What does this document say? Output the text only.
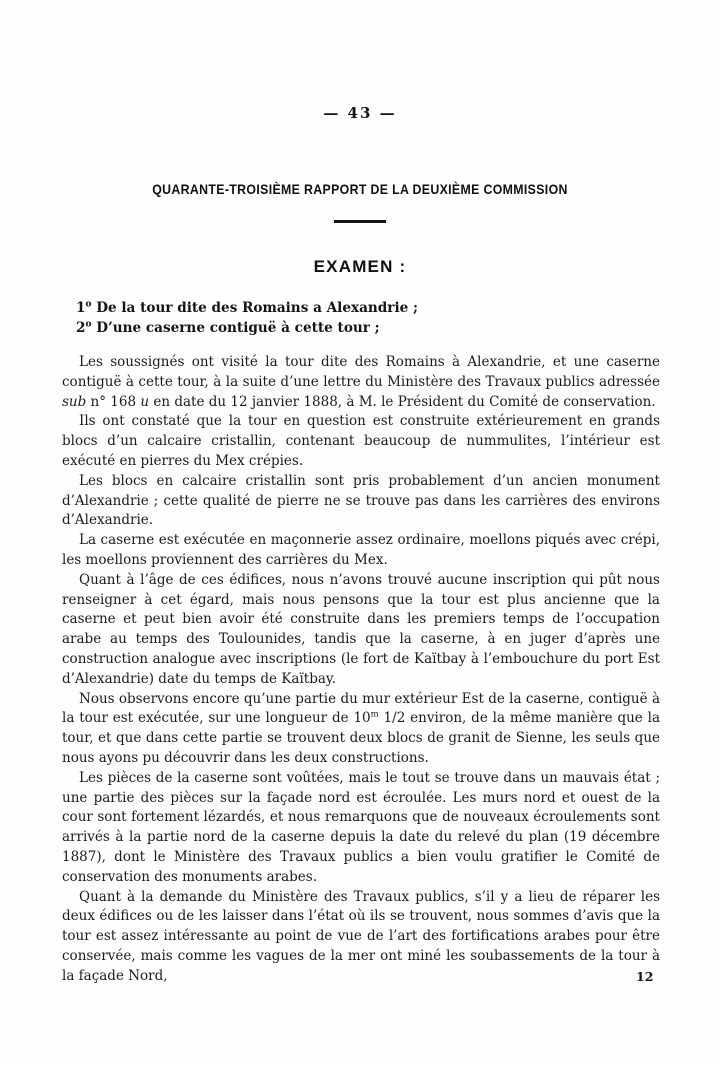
— 43 —
QUARANTE-TROISIÈME RAPPORT DE LA DEUXIÈME COMMISSION
EXAMEN :
1$^o$ De la tour dite des Romains a Alexandrie ;
2$^o$ D’une caserne contiguë à cette tour ;

Les soussignés ont visité la tour dite des Romains à Alexandrie, et une caserne contiguë à cette tour, à la suite d’une lettre du Ministère des Travaux publics adressée sub n° 168 u en date du 12 janvier 1888, à M. le Président du Comité de conservation.

Ils ont constaté que la tour en question est construite extérieurement en grands blocs d’un calcaire cristallin, contenant beaucoup de nummulites, l’intérieur est exécuté en pierres du Mex crépies.

Les blocs en calcaire cristallin sont pris probablement d’un ancien monument d’Alexandrie ; cette qualité de pierre ne se trouve pas dans les carrières des environs d’Alexandrie.

La caserne est exécutée en maçonnerie assez ordinaire, moellons piqués avec crépi, les moellons proviennent des carrières du Mex.

Quant à l’âge de ces édifices, nous n’avons trouvé aucune inscription qui pût nous renseigner à cet égard, mais nous pensons que la tour est plus ancienne que la caserne et peut bien avoir été construite dans les premiers temps de l’occupation arabe au temps des Toulounides, tandis que la caserne, à en juger d’après une construction analogue avec inscriptions (le fort de Kaïtbay à l’embouchure du port Est d’Alexandrie) date du temps de Kaïtbay.

Nous observons encore qu’une partie du mur extérieur Est de la caserne, contiguë à la tour est exécutée, sur une longueur de 10$^m$ 1/2 environ, de la même manière que la tour, et que dans cette partie se trouvent deux blocs de granit de Sienne, les seuls que nous ayons pu découvrir dans les deux constructions.

Les pièces de la caserne sont voûtées, mais le tout se trouve dans un mauvais état ; une partie des pièces sur la façade nord est écroulée. Les murs nord et ouest de la cour sont fortement lézardés, et nous remarquons que de nouveaux écroulements sont arrivés à la partie nord de la caserne depuis la date du relevé du plan (19 décembre 1887), dont le Ministère des Travaux publics a bien voulu gratifier le Comité de conservation des monuments arabes.

Quant à la demande du Ministère des Travaux publics, s’il y a lieu de réparer les deux édifices ou de les laisser dans l’état où ils se trouvent, nous sommes d’avis que la tour est assez intéressante au point de vue de l’art des fortifications arabes pour être conservée, mais comme les vagues de la mer ont miné les soubassements de la tour à la façade Nord,	12
